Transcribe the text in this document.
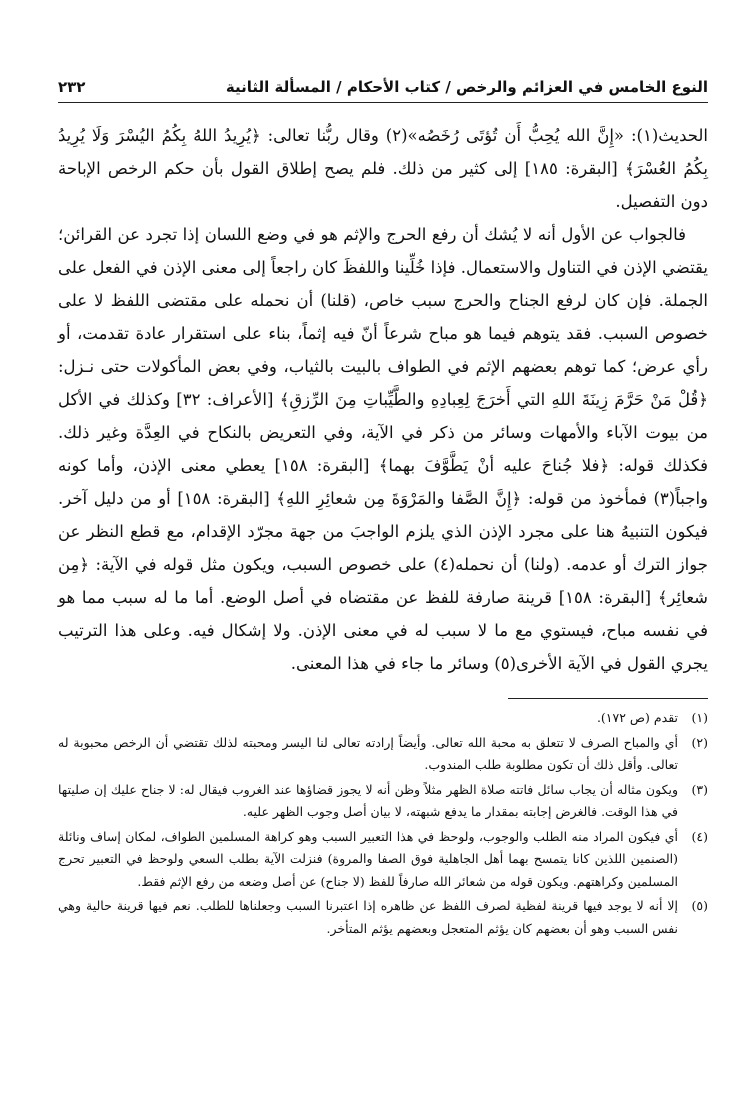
النوع الخامس في العزائم والرخص / كتاب الأحكام / المسألة الثانية
٢٣٢

الحديث(١): «إِنَّ الله يُحِبُّ أَن تُؤتَى رُخَصُه»(٢) وقال ربُّنا تعالى: ﴿يُرِيدُ اللهُ بِكُمُ اليُسْرَ وَلَا يُرِيدُ بِكُمُ العُسْرَ﴾ [البقرة: ١٨٥] إلى كثير من ذلك. فلم يصح إطلاق القول بأن حكم الرخص الإباحة دون التفصيل.

فالجواب عن الأول أنه لا يُشك أن رفع الحرج والإثم هو في وضع اللسان إذا تجرد عن القرائن؛ يقتضي الإذن في التناول والاستعمال. فإذا خُلِّينا واللفظَ كان راجعاً إلى معنى الإذن في الفعل على الجملة. فإن كان لرفع الجناح والحرج سبب خاص، (قلنا) أن نحمله على مقتضى اللفظ لا على خصوص السبب. فقد يتوهم فيما هو مباح شرعاً أنّ فيه إثماً، بناء على استقرار عادة تقدمت، أو رأي عرض؛ كما توهم بعضهم الإثم في الطواف بالبيت بالثياب، وفي بعض المأكولات حتى نـزل: ﴿قُلْ مَنْ حَرَّمَ زِينَةَ اللهِ التي أَخرَجَ لِعِبادِهِ والطَّيِّباتِ مِنَ الرِّزقِ﴾ [الأعراف: ٣٢] وكذلك في الأكل من بيوت الآباء والأمهات وسائر من ذكر في الآية، وفي التعريض بالنكاح في العِدَّة وغير ذلك. فكذلك قوله: ﴿فلا جُناحَ عليه أنْ يَطَّوَّفَ بهما﴾ [البقرة: ١٥٨] يعطي معنى الإذن، وأما كونه واجباً(٣) فمأخوذ من قوله: ﴿إِنَّ الصَّفا والمَرْوَةَ مِن شعائِرِ اللهِ﴾ [البقرة: ١٥٨] أو من دليل آخر. فيكون التنبيهُ هنا على مجرد الإذن الذي يلزم الواجبَ من جهة مجرّد الإقدام، مع قطع النظر عن جواز الترك أو عدمه. (ولنا) أن نحمله(٤) على خصوص السبب، ويكون مثل قوله في الآية: ﴿مِن شعائِر﴾ [البقرة: ١٥٨] قرينة صارفة للفظ عن مقتضاه في أصل الوضع. أما ما له سبب مما هو في نفسه مباح، فيستوي مع ما لا سبب له في معنى الإذن. ولا إشكال فيه. وعلى هذا الترتيب يجري القول في الآية الأخرى(٥) وسائر ما جاء في هذا المعنى.

(١)
تقدم (ص ١٧٢).
(٢)
أي والمباح الصرف لا تتعلق به محبة الله تعالى. وأيضاً إرادته تعالى لنا اليسر ومحبته لذلك تقتضي أن الرخص محبوبة له تعالى. وأقل ذلك أن تكون مطلوبة طلب المندوب.
(٣)
ويكون مثاله أن يجاب سائل فاتته صلاة الظهر مثلاً وظن أنه لا يجوز قضاؤها عند الغروب فيقال له: لا جناح عليك إن صليتها في هذا الوقت. فالغرض إجابته بمقدار ما يدفع شبهته، لا بيان أصل وجوب الظهر عليه.
(٤)
أي فيكون المراد منه الطلب والوجوب، ولوحظ في هذا التعبير السبب وهو كراهة المسلمين الطواف، لمكان إساف ونائلة (الصنمين اللذين كانا يتمسح بهما أهل الجاهلية فوق الصفا والمروة) فنزلت الآية بطلب السعي ولوحظ في التعبير تحرج المسلمين وكراهتهم. ويكون قوله من شعائر الله صارفاً للفظ (لا جناح) عن أصل وضعه من رفع الإثم فقط.
(٥)
إلا أنه لا يوجد فيها قرينة لفظية لصرف اللفظ عن ظاهره إذا اعتبرنا السبب وجعلناها للطلب. نعم فيها قرينة حالية وهي نفس السبب وهو أن بعضهم كان يؤثم المتعجل وبعضهم يؤثم المتأخر.
